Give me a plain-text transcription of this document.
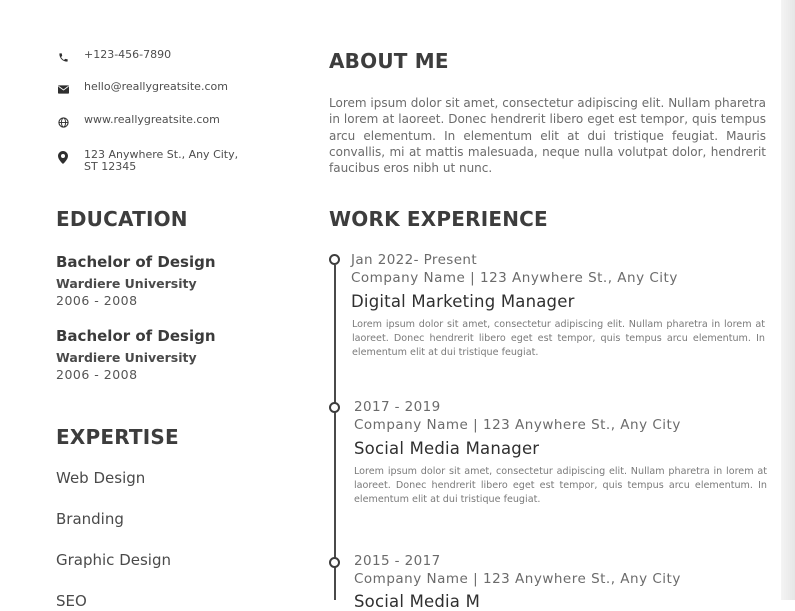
+123-456-7890
hello@reallygreatsite.com
www.reallygreatsite.com
123 Anywhere St., Any City, ST 12345
EDUCATION
Bachelor of Design
Wardiere University
2006 - 2008
Bachelor of Design
Wardiere University
2006 - 2008
EXPERTISE
Web Design
Branding
Graphic Design
SEO
ABOUT ME
Lorem ipsum dolor sit amet, consectetur adipiscing elit. Nullam pharetra in lorem at laoreet. Donec hendrerit libero eget est tempor, quis tempus arcu elementum. In elementum elit at dui tristique feugiat. Mauris convallis, mi at mattis malesuada, neque nulla volutpat dolor, hendrerit faucibus eros nibh ut nunc.
WORK EXPERIENCE
Jan 2022- Present
Company Name | 123 Anywhere St., Any City
Digital Marketing Manager
Lorem ipsum dolor sit amet, consectetur adipiscing elit. Nullam pharetra in lorem at laoreet. Donec hendrerit libero eget est tempor, quis tempus arcu elementum. In elementum elit at dui tristique feugiat.
2017 - 2019
Company Name | 123 Anywhere St., Any City
Social Media Manager
Lorem ipsum dolor sit amet, consectetur adipiscing elit. Nullam pharetra in lorem at laoreet. Donec hendrerit libero eget est tempor, quis tempus arcu elementum. In elementum elit at dui tristique feugiat.
2015 - 2017
Company Name | 123 Anywhere St., Any City
Social Media M
